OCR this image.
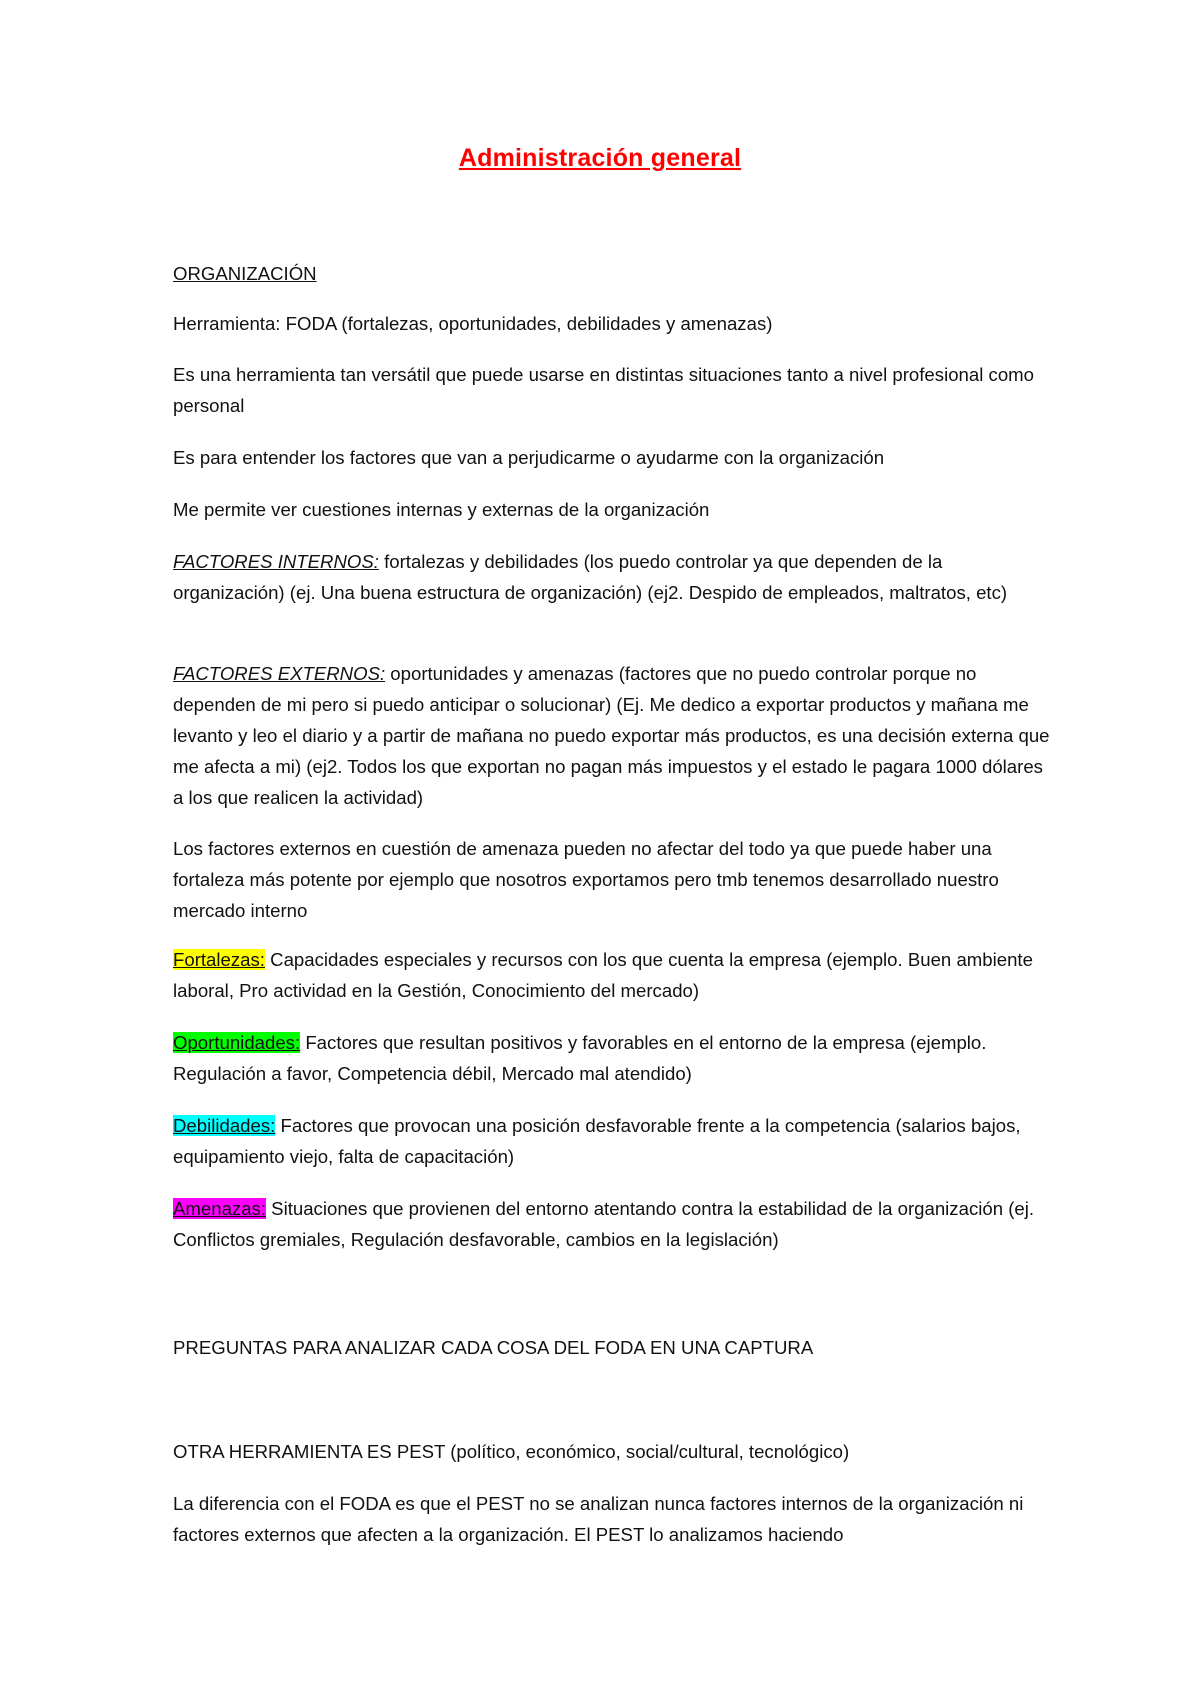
Administración general

ORGANIZACIÓN

Herramienta: FODA (fortalezas, oportunidades, debilidades y amenazas)

Es una herramienta tan versátil que puede usarse en distintas situaciones tanto a nivel profesional como personal

Es para entender los factores que van a perjudicarme o ayudarme con la organización

Me permite ver cuestiones internas y externas de la organización

FACTORES INTERNOS: fortalezas y debilidades (los puedo controlar ya que dependen de la organización) (ej. Una buena estructura de organización) (ej2. Despido de empleados, maltratos, etc)

FACTORES EXTERNOS: oportunidades y amenazas (factores que no puedo controlar porque no dependen de mi pero si puedo anticipar o solucionar) (Ej. Me dedico a exportar productos y mañana me levanto y leo el diario y a partir de mañana no puedo exportar más productos, es una decisión externa que me afecta a mi) (ej2. Todos los que exportan no pagan más impuestos y el estado le pagara 1000 dólares a los que realicen la actividad)

Los factores externos en cuestión de amenaza pueden no afectar del todo ya que puede haber una fortaleza más potente por ejemplo que nosotros exportamos pero tmb tenemos desarrollado nuestro mercado interno

Fortalezas: Capacidades especiales y recursos con los que cuenta la empresa (ejemplo. Buen ambiente laboral, Pro actividad en la Gestión, Conocimiento del mercado)

Oportunidades: Factores que resultan positivos y favorables en el entorno de la empresa (ejemplo. Regulación a favor, Competencia débil, Mercado mal atendido)

Debilidades: Factores que provocan una posición desfavorable frente a la competencia (salarios bajos, equipamiento viejo, falta de capacitación)

Amenazas: Situaciones que provienen del entorno atentando contra la estabilidad de la organización (ej. Conflictos gremiales, Regulación desfavorable, cambios en la legislación)

PREGUNTAS PARA ANALIZAR CADA COSA DEL FODA EN UNA CAPTURA

OTRA HERRAMIENTA ES PEST (político, económico, social/cultural, tecnológico)

La diferencia con el FODA es que el PEST no se analizan nunca factores internos de la organización ni factores externos que afecten a la organización. El PEST lo analizamos haciendo
